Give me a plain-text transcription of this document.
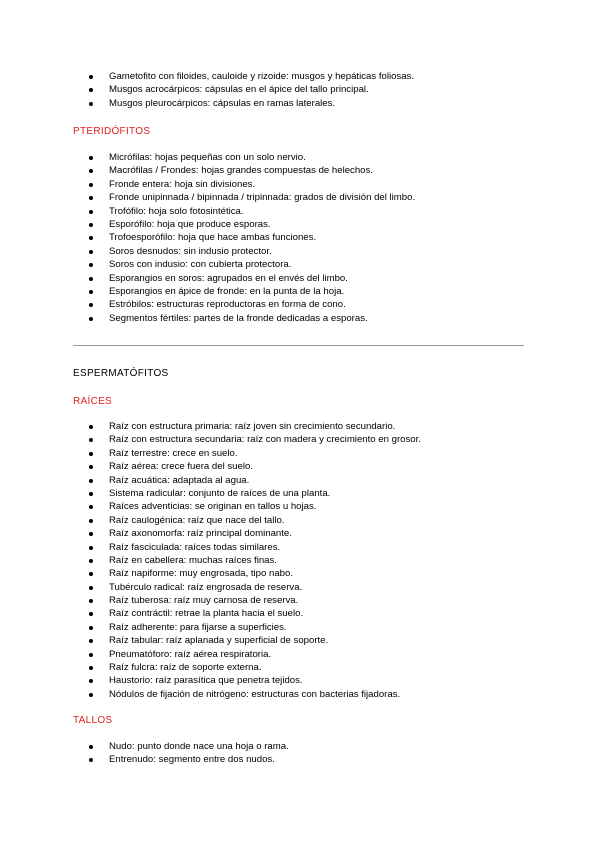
Gametofito con filoides, cauloide y rizoide: musgos y hepáticas foliosas.
Musgos acrocárpicos: cápsulas en el ápice del tallo principal.
Musgos pleurocárpicos: cápsulas en ramas laterales.
PTERIDÓFITOS
Micrófilas: hojas pequeñas con un solo nervio.
Macrófilas / Frondes: hojas grandes compuestas de helechos.
Fronde entera: hoja sin divisiones.
Fronde unipinnada / bipinnada / tripinnada: grados de división del limbo.
Trofófilo: hoja solo fotosintética.
Esporófilo: hoja que produce esporas.
Trofoesporófilo: hoja que hace ambas funciones.
Soros desnudos: sin indusio protector.
Soros con indusio: con cubierta protectora.
Esporangios en soros: agrupados en el envés del limbo.
Esporangios en ápice de fronde: en la punta de la hoja.
Estróbilos: estructuras reproductoras en forma de cono.
Segmentos fértiles: partes de la fronde dedicadas a esporas.
ESPERMATÓFITOS
RAÍCES
Raíz con estructura primaria: raíz joven sin crecimiento secundario.
Raíz con estructura secundaria: raíz con madera y crecimiento en grosor.
Raíz terrestre: crece en suelo.
Raíz aérea: crece fuera del suelo.
Raíz acuática: adaptada al agua.
Sistema radicular: conjunto de raíces de una planta.
Raíces adventicias: se originan en tallos u hojas.
Raíz caulogénica: raíz que nace del tallo.
Raíz axonomorfa: raíz principal dominante.
Raíz fasciculada: raíces todas similares.
Raíz en cabellera: muchas raíces finas.
Raíz napiforme: muy engrosada, tipo nabo.
Tubérculo radical: raíz engrosada de reserva.
Raíz tuberosa: raíz muy carnosa de reserva.
Raíz contráctil: retrae la planta hacia el suelo.
Raíz adherente: para fijarse a superficies.
Raíz tabular: raíz aplanada y superficial de soporte.
Pneumatóforo: raíz aérea respiratoria.
Raíz fulcra: raíz de soporte externa.
Haustorio: raíz parasítica que penetra tejidos.
Nódulos de fijación de nitrógeno: estructuras con bacterias fijadoras.
TALLOS
Nudo: punto donde nace una hoja o rama.
Entrenudo: segmento entre dos nudos.
